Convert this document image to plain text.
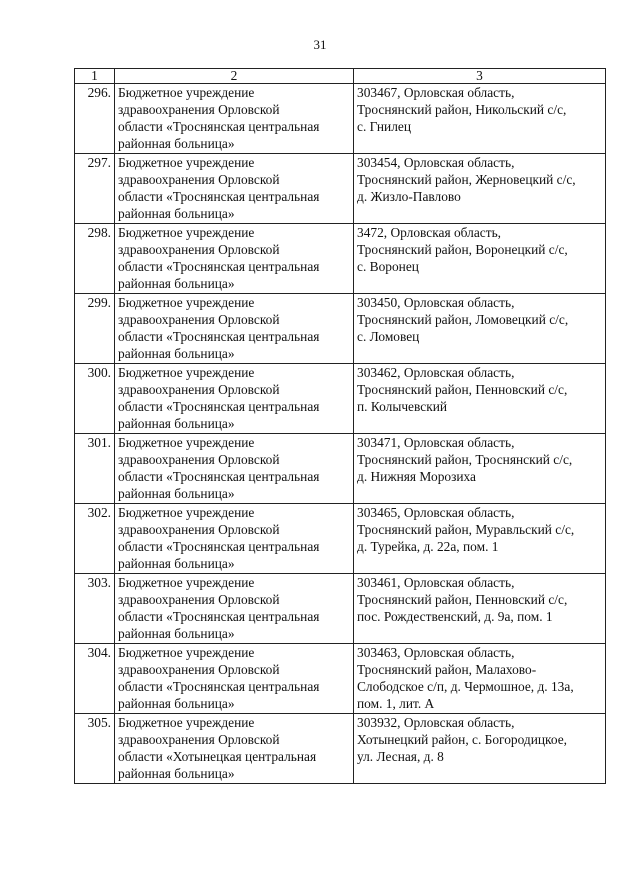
31
1	2	3
296.	Бюджетное учреждение
здравоохранения Орловской
области «Троснянская центральная
районная больница»	303467, Орловская область,
Троснянский район, Никольский с/с,
с. Гнилец

297.	Бюджетное учреждение
здравоохранения Орловской
области «Троснянская центральная
районная больница»	303454, Орловская область,
Троснянский район, Жерновецкий с/с,
д. Жизло-Павлово

298.	Бюджетное учреждение
здравоохранения Орловской
области «Троснянская центральная
районная больница»	3472, Орловская область,
Троснянский район, Воронецкий с/с,
с. Воронец

299.	Бюджетное учреждение
здравоохранения Орловской
области «Троснянская центральная
районная больница»	303450, Орловская область,
Троснянский район, Ломовецкий с/с,
с. Ломовец

300.	Бюджетное учреждение
здравоохранения Орловской
области «Троснянская центральная
районная больница»	303462, Орловская область,
Троснянский район, Пенновский с/с,
п. Колычевский

301.	Бюджетное учреждение
здравоохранения Орловской
области «Троснянская центральная
районная больница»	303471, Орловская область,
Троснянский район, Троснянский с/с,
д. Нижняя Морозиха

302.	Бюджетное учреждение
здравоохранения Орловской
области «Троснянская центральная
районная больница»	303465, Орловская область,
Троснянский район, Муравльский с/с,
д. Турейка, д. 22а, пом. 1

303.	Бюджетное учреждение
здравоохранения Орловской
области «Троснянская центральная
районная больница»	303461, Орловская область,
Троснянский район, Пенновский с/с,
пос. Рождественский, д. 9а, пом. 1

304.	Бюджетное учреждение
здравоохранения Орловской
области «Троснянская центральная
районная больница»	303463, Орловская область,
Троснянский район, Малахово-
Слободское с/п, д. Чермошное, д. 13а,
пом. 1, лит. А

305.	Бюджетное учреждение
здравоохранения Орловской
области «Хотынецкая центральная
районная больница»	303932, Орловская область,
Хотынецкий район, с. Богородицкое,
ул. Лесная, д. 8
